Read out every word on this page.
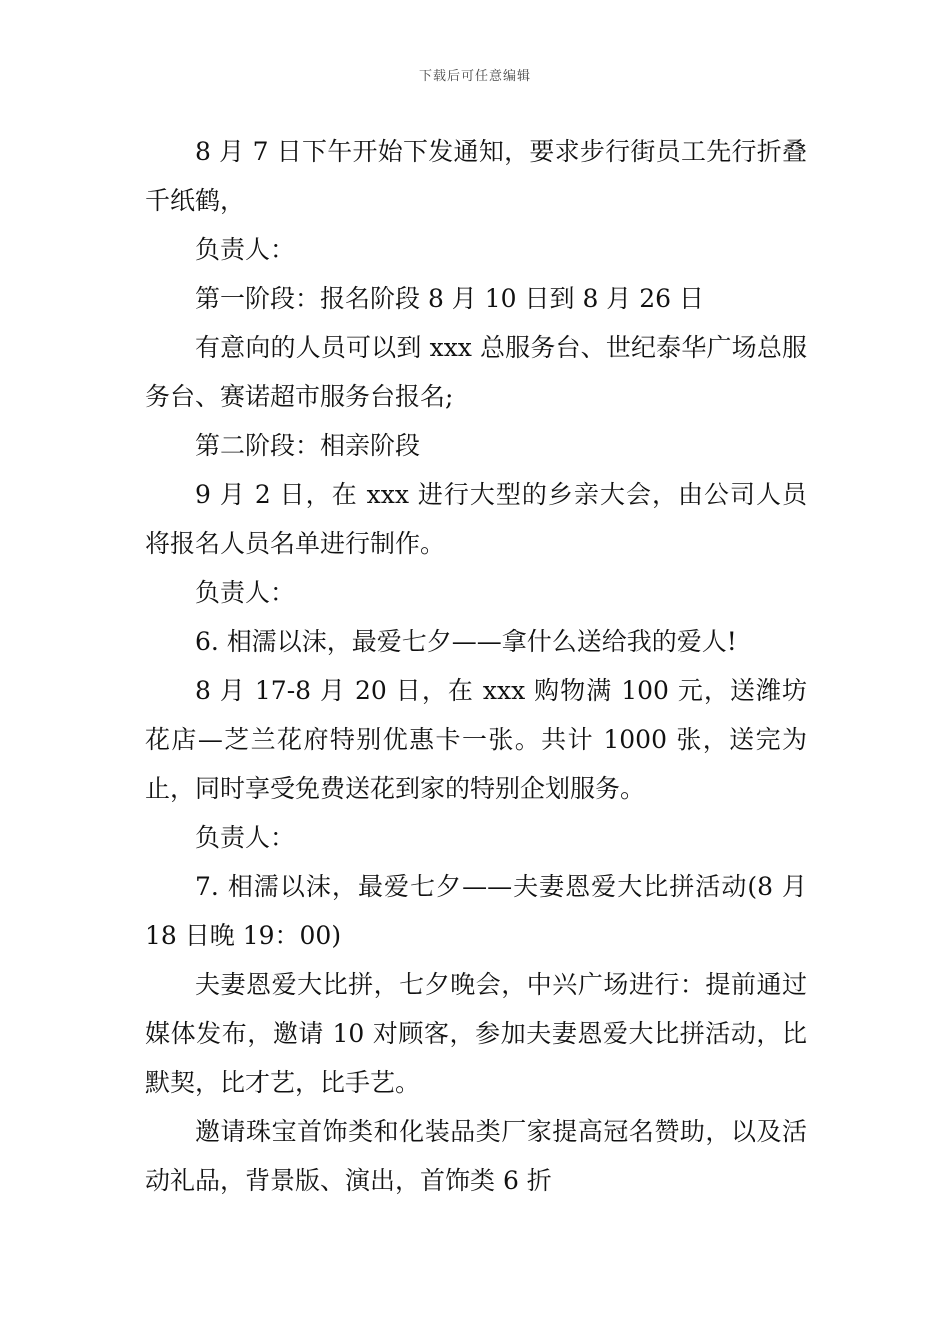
下载后可任意编辑

8 月 7 日下午开始下发通知，要求步行街员工先行折叠千纸鹤，

负责人：

第一阶段：报名阶段 8 月 10 日到 8 月 26 日

有意向的人员可以到 xxx 总服务台、世纪泰华广场总服务台、赛诺超市服务台报名;

第二阶段：相亲阶段

9 月 2 日，在 xxx 进行大型的乡亲大会，由公司人员将报名人员名单进行制作。

负责人：

6. 相濡以沫，最爱七夕——拿什么送给我的爱人!

8 月 17-8 月 20 日，在 xxx 购物满 100 元，送潍坊花店—芝兰花府特别优惠卡一张。共计 1000 张，送完为止，同时享受免费送花到家的特别企划服务。

负责人：

7. 相濡以沫，最爱七夕——夫妻恩爱大比拼活动(8 月 18 日晚 19：00)

夫妻恩爱大比拼，七夕晚会，中兴广场进行：提前通过媒体发布，邀请 10 对顾客，参加夫妻恩爱大比拼活动，比默契，比才艺，比手艺。

邀请珠宝首饰类和化装品类厂家提高冠名赞助，以及活动礼品，背景版、演出，首饰类 6 折
